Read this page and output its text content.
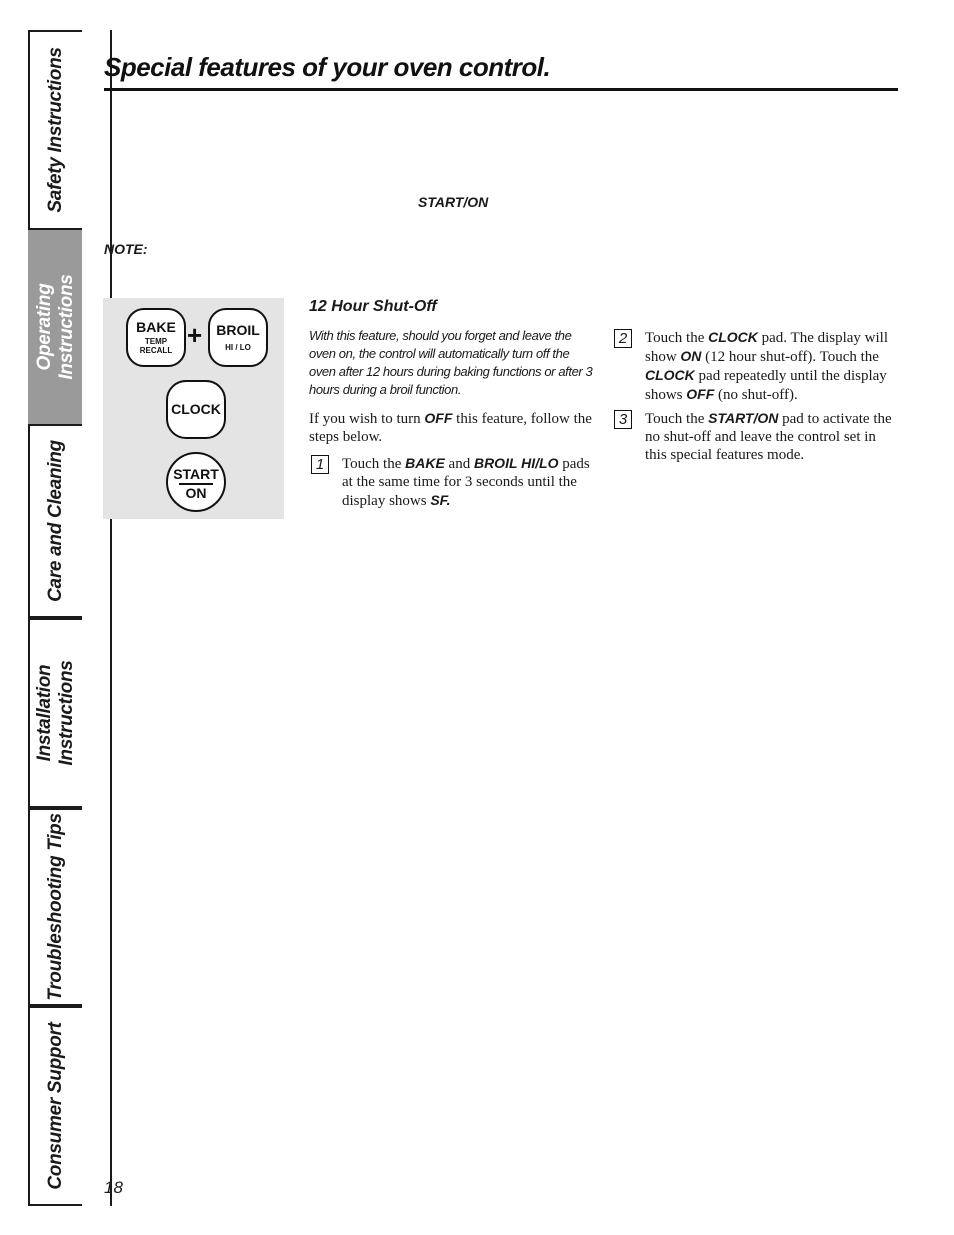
Safety Instructions
Operating Instructions
Care and Cleaning
Installation Instructions
Troubleshooting Tips
Consumer Support
Special features of your oven control.
START/ON
NOTE:
BAKE
TEMP RECALL
+	BROIL
HI / LO
CLOCK
START
ON
12 Hour Shut-Off
With this feature, should you forget and leave the oven on, the control will automatically turn off the oven after 12 hours during baking functions or after 3 hours during a broil function.
If you wish to turn OFF this feature, follow the steps below.
1	Touch the BAKE and BROIL HI/LO pads at the same time for 3 seconds until the display shows SF.
2	Touch the CLOCK pad. The display will show ON (12 hour shut-off). Touch the CLOCK pad repeatedly until the display shows OFF (no shut-off).
3	Touch the START/ON pad to activate the no shut-off and leave the control set in this special features mode.
18
